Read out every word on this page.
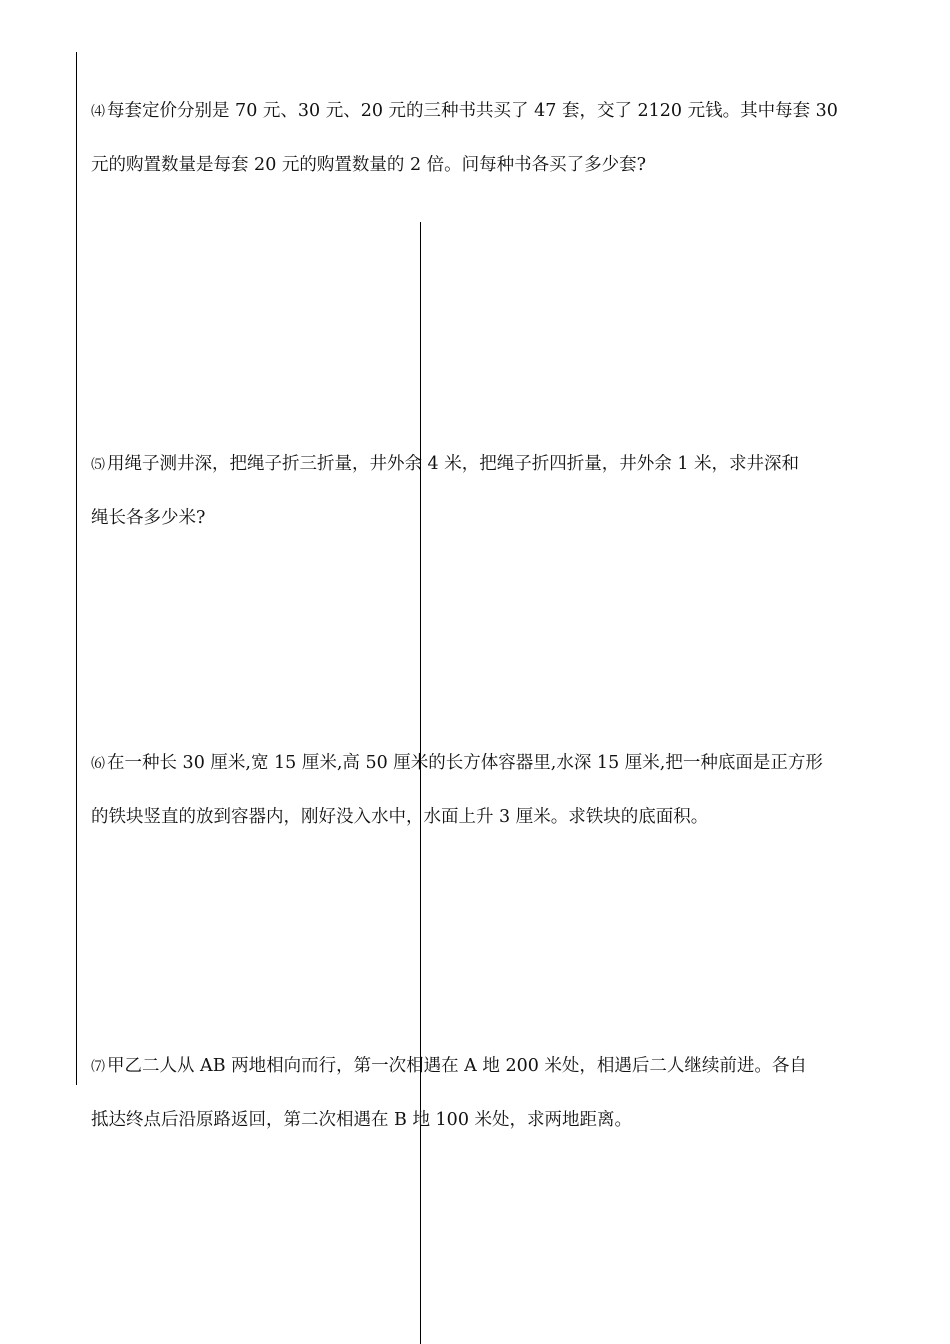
⑷ 每套定价分别是 70 元、30 元、20 元的三种书共买了 47 套，交了 2120 元钱。其中每套 30
元的购置数量是每套 20 元的购置数量的 2 倍。问每种书各买了多少套?
⑸ 用绳子测井深，把绳子折三折量，井外余 4 米，把绳子折四折量，井外余 1 米，求井深和
绳长各多少米?
⑹ 在一种长 30 厘米,宽 15 厘米,高 50 厘米的长方体容器里,水深 15 厘米,把一种底面是正方形
的铁块竖直的放到容器内，刚好没入水中，水面上升 3 厘米。求铁块的底面积。
⑺ 甲乙二人从 AB 两地相向而行，第一次相遇在 A 地 200 米处，相遇后二人继续前进。各自
抵达终点后沿原路返回，第二次相遇在 B 地 100 米处，求两地距离。
